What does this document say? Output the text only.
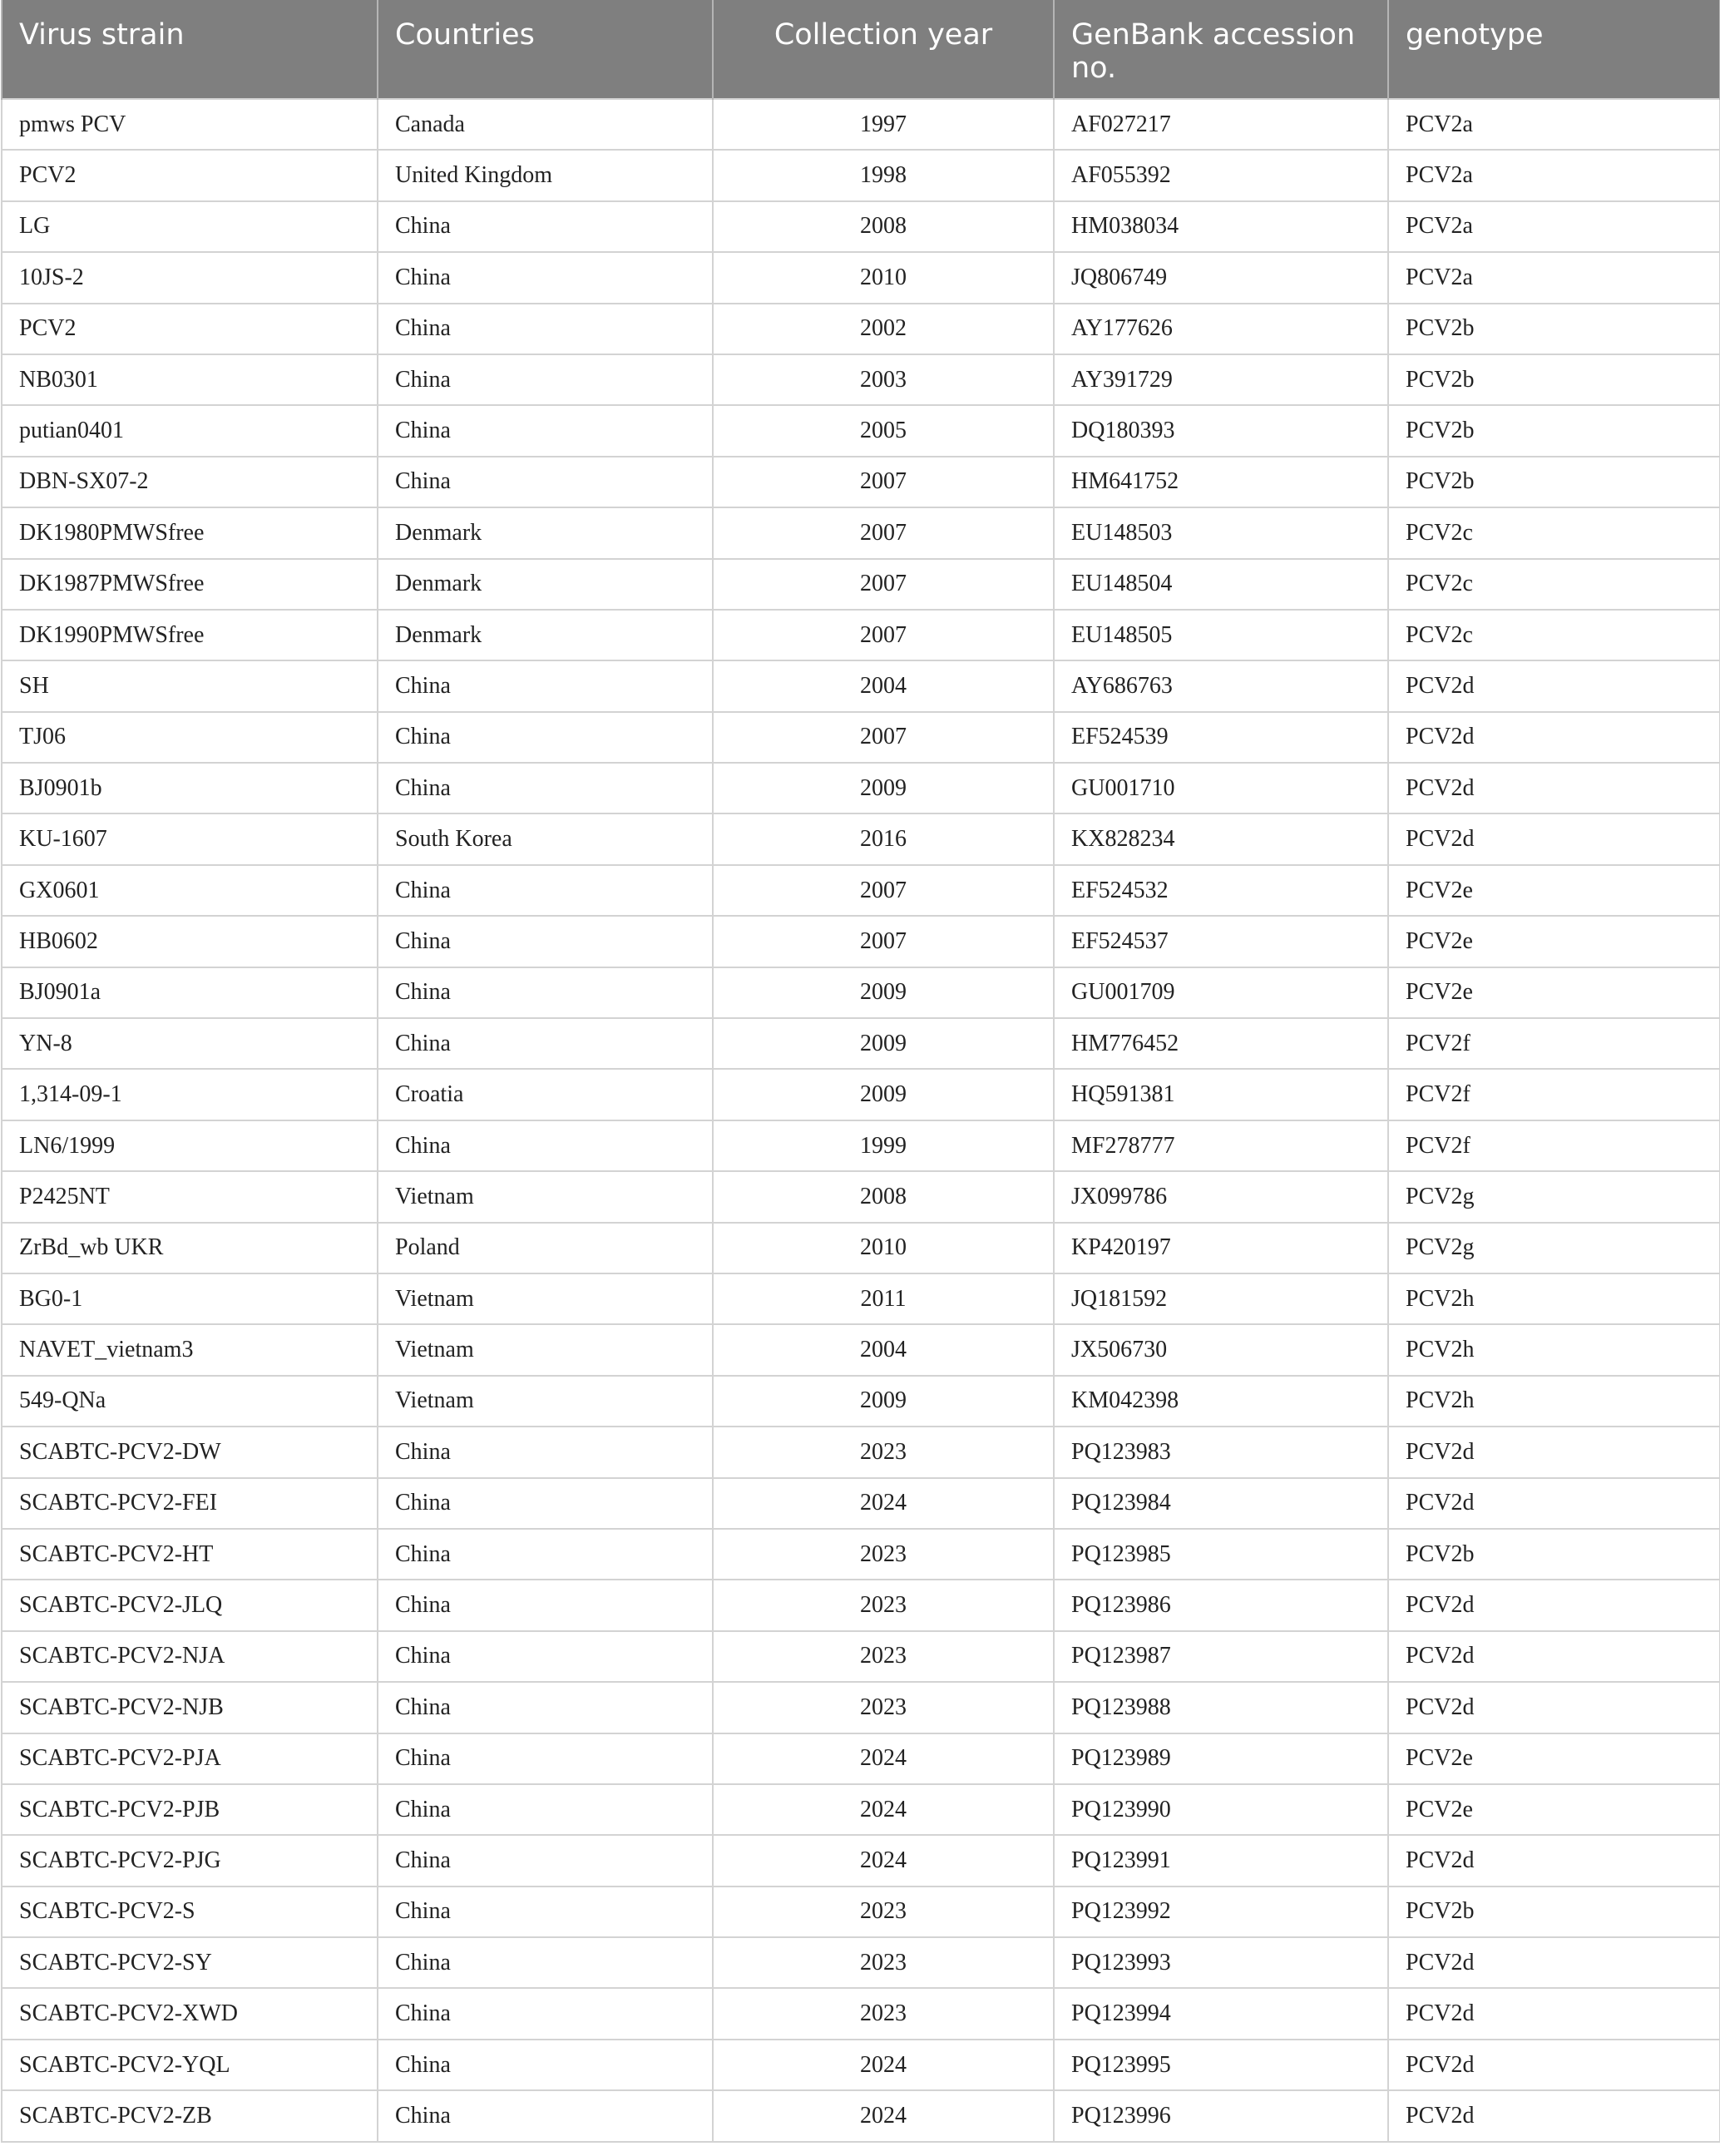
Virus strain	Countries	Collection year	GenBank accession no.	genotype
pmws PCV	Canada	1997	AF027217	PCV2a
PCV2	United Kingdom	1998	AF055392	PCV2a
LG	China	2008	HM038034	PCV2a
10JS-2	China	2010	JQ806749	PCV2a
PCV2	China	2002	AY177626	PCV2b
NB0301	China	2003	AY391729	PCV2b
putian0401	China	2005	DQ180393	PCV2b
DBN-SX07-2	China	2007	HM641752	PCV2b
DK1980PMWSfree	Denmark	2007	EU148503	PCV2c
DK1987PMWSfree	Denmark	2007	EU148504	PCV2c
DK1990PMWSfree	Denmark	2007	EU148505	PCV2c
SH	China	2004	AY686763	PCV2d
TJ06	China	2007	EF524539	PCV2d
BJ0901b	China	2009	GU001710	PCV2d
KU-1607	South Korea	2016	KX828234	PCV2d
GX0601	China	2007	EF524532	PCV2e
HB0602	China	2007	EF524537	PCV2e
BJ0901a	China	2009	GU001709	PCV2e
YN-8	China	2009	HM776452	PCV2f
1,314-09-1	Croatia	2009	HQ591381	PCV2f
LN6/1999	China	1999	MF278777	PCV2f
P2425NT	Vietnam	2008	JX099786	PCV2g
ZrBd_wb UKR	Poland	2010	KP420197	PCV2g
BG0-1	Vietnam	2011	JQ181592	PCV2h
NAVET_vietnam3	Vietnam	2004	JX506730	PCV2h
549-QNa	Vietnam	2009	KM042398	PCV2h
SCABTC-PCV2-DW	China	2023	PQ123983	PCV2d
SCABTC-PCV2-FEI	China	2024	PQ123984	PCV2d
SCABTC-PCV2-HT	China	2023	PQ123985	PCV2b
SCABTC-PCV2-JLQ	China	2023	PQ123986	PCV2d
SCABTC-PCV2-NJA	China	2023	PQ123987	PCV2d
SCABTC-PCV2-NJB	China	2023	PQ123988	PCV2d
SCABTC-PCV2-PJA	China	2024	PQ123989	PCV2e
SCABTC-PCV2-PJB	China	2024	PQ123990	PCV2e
SCABTC-PCV2-PJG	China	2024	PQ123991	PCV2d
SCABTC-PCV2-S	China	2023	PQ123992	PCV2b
SCABTC-PCV2-SY	China	2023	PQ123993	PCV2d
SCABTC-PCV2-XWD	China	2023	PQ123994	PCV2d
SCABTC-PCV2-YQL	China	2024	PQ123995	PCV2d
SCABTC-PCV2-ZB	China	2024	PQ123996	PCV2d
